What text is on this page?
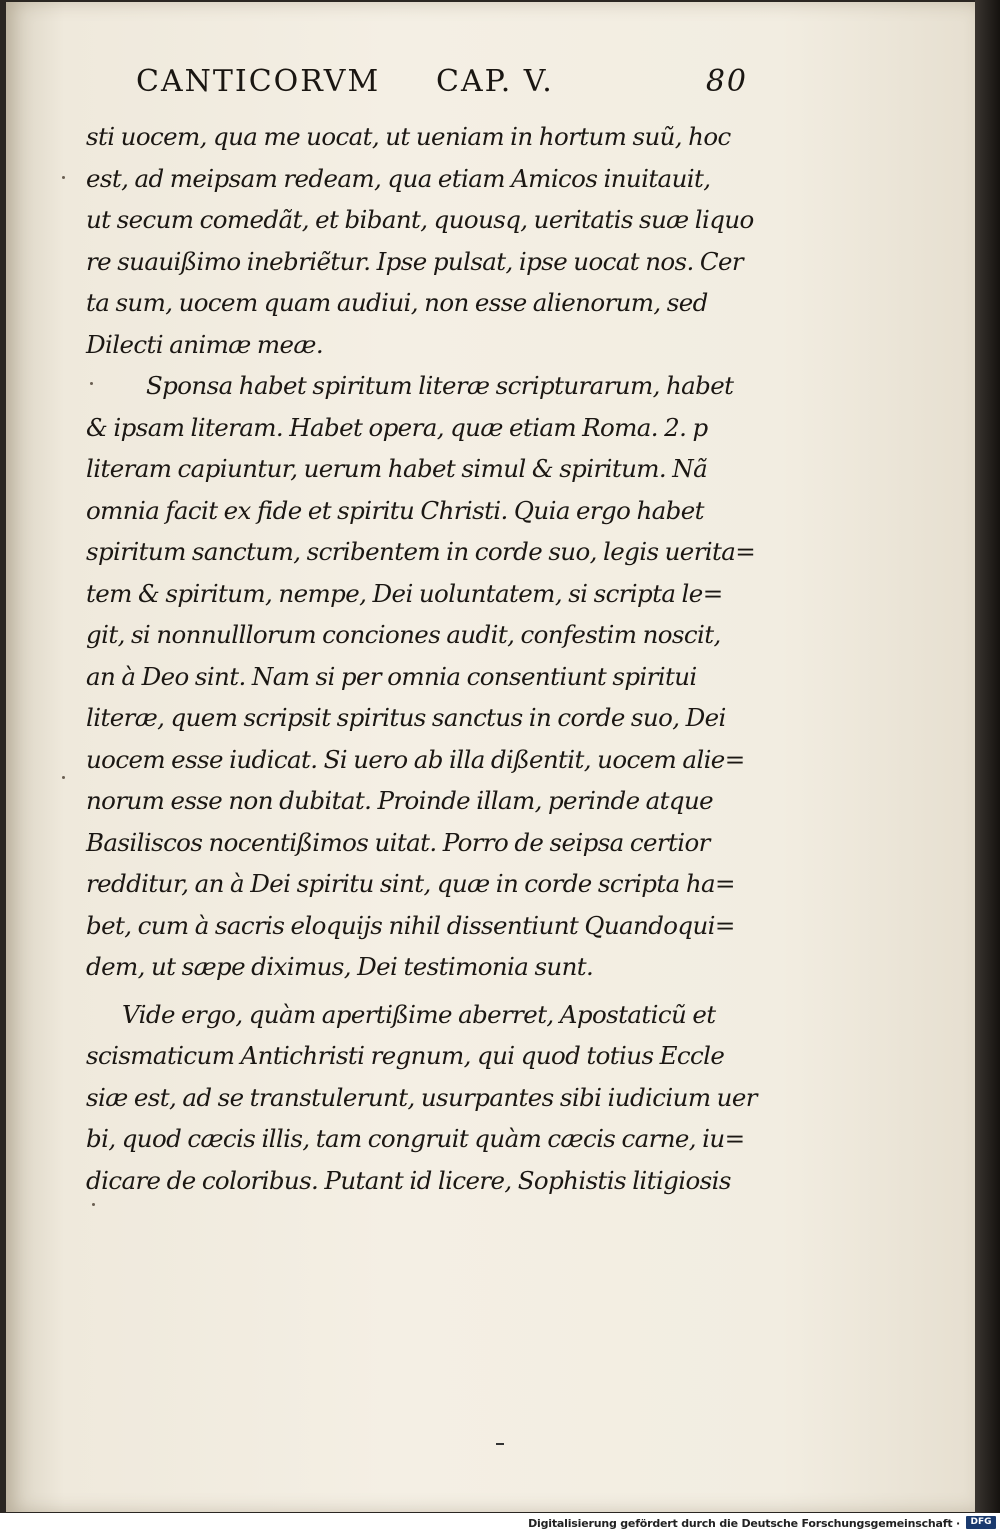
CANTICORVM CAP. V.	80
sti uocem, qua me uocat, ut ueniam in hortum suũ, hoc
est, ad meipsam redeam, qua etiam Amicos inuitauit,
ut secum comedãt, et bibant, quousq, ueritatis suæ liquo
re suauißimo inebriẽtur. Ipse pulsat, ipse uocat nos. Cer
ta sum, uocem quam audiui, non esse alienorum, sed
Dilecti animæ meæ.
Sponsa habet spiritum literæ scripturarum, habet
& ipsam literam. Habet opera, quæ etiam Roma. 2. p
literam capiuntur, uerum habet simul & spiritum. Nã
omnia facit ex fide et spiritu Christi. Quia ergo habet
spiritum sanctum, scribentem in corde suo, legis uerita=
tem & spiritum, nempe, Dei uoluntatem, si scripta le=
git, si nonnulllorum conciones audit, confestim noscit,
an à Deo sint. Nam si per omnia consentiunt spiritui
literæ, quem scripsit spiritus sanctus in corde suo, Dei
uocem esse iudicat. Si uero ab illa dißentit, uocem alie=
norum esse non dubitat. Proinde illam, perinde atque
Basiliscos nocentißimos uitat. Porro de seipsa certior
redditur, an à Dei spiritu sint, quæ in corde scripta ha=
bet, cum à sacris eloquijs nihil dissentiunt Quandoqui=
dem, ut sæpe diximus, Dei testimonia sunt.
Vide ergo, quàm apertißime aberret, Apostaticũ et
scismaticum Antichristi regnum, qui quod totius Eccle
siæ est, ad se transtulerunt, usurpantes sibi iudicium uer
bi, quod cæcis illis, tam congruit quàm cæcis carne, iu=
dicare de coloribus. Putant id licere, Sophistis litigiosis
Digitalisierung gefördert durch die Deutsche Forschungsgemeinschaft ·	DFG
